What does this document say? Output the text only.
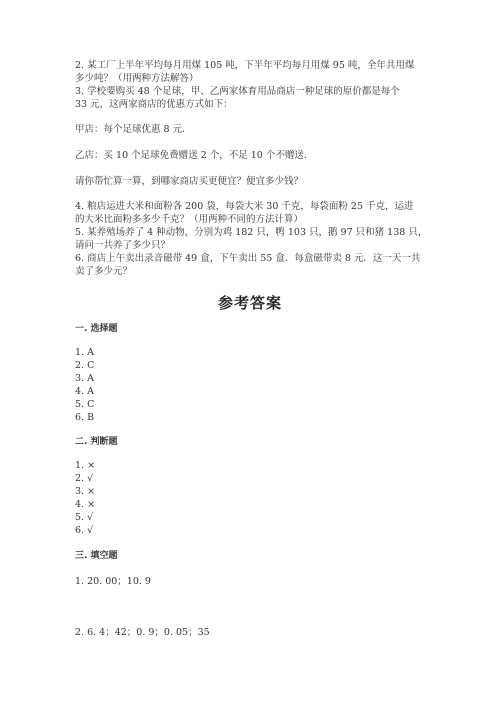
2. 某工厂上半年平均每月用煤 105 吨，下半年平均每月用煤 95 吨，全年共用煤
多少吨？（用两种方法解答）
3. 学校要购买 48 个足球，甲、乙两家体育用品商店一种足球的原价都是每个
33 元，这两家商店的优惠方式如下：
甲店：每个足球优惠 8 元．
乙店：买 10 个足球免费赠送 2 个，不足 10 个不赠送．
请你帮忙算一算，到哪家商店买更便宜？便宜多少钱？
4. 粮店运进大米和面粉各 200 袋，每袋大米 30 千克，每袋面粉 25 千克，运进
的大米比面粉多多少千克？（用两种不同的方法计算）
5. 某养殖场养了 4 种动物，分别为鸡 182 只，鸭 103 只，鹅 97 只和猪 138 只，
请问一共养了多少只？
6. 商店上午卖出录音磁带 49 盒，下午卖出 55 盒．每盒磁带卖 8 元．这一天一共
卖了多少元？
参考答案
一. 选择题
1. A
2. C
3. A
4. A
5. C
6. B
二. 判断题
1. ×
2. √
3. ×
4. ×
5. √
6. √
三. 填空题
1. 20. 00；10. 9
2. 6. 4；42；0. 9；0. 05；35
